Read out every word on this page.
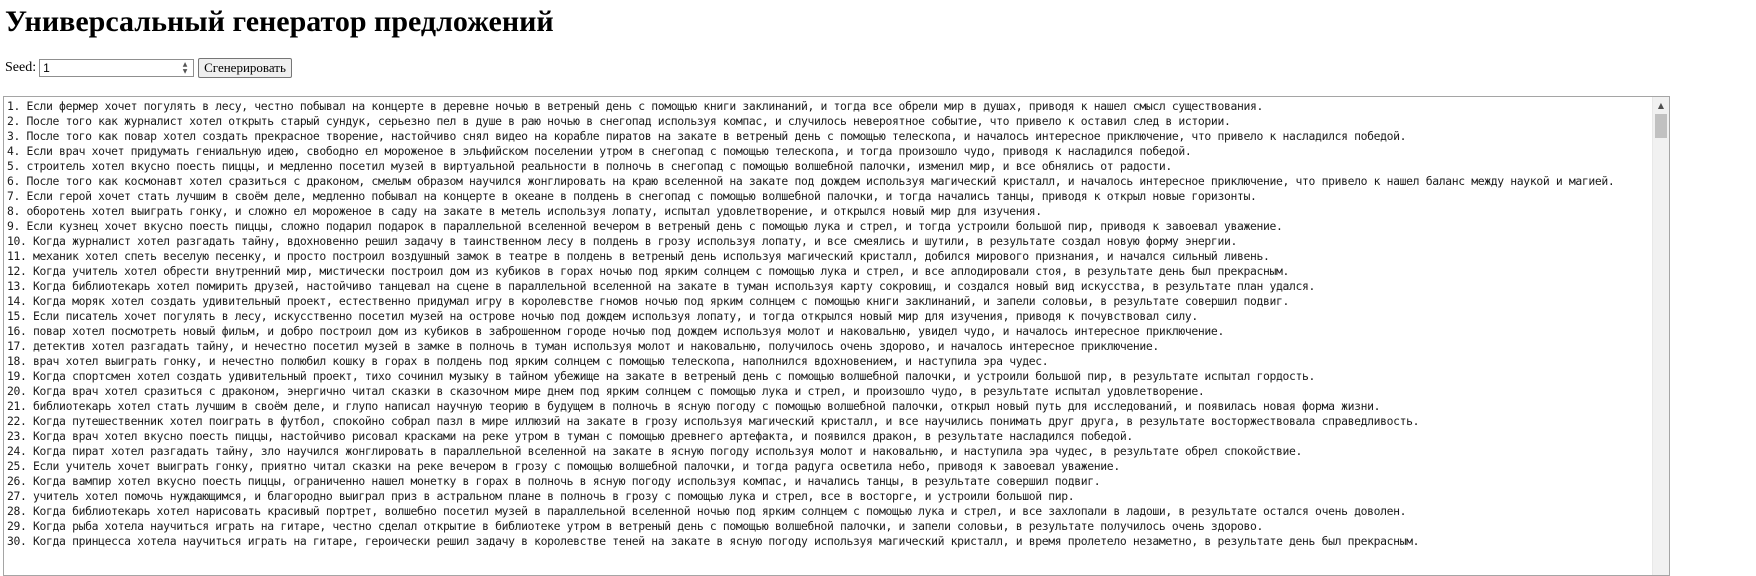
Универсальный генератор предложений
Seed:
1	▲
▼	Сгенерировать
1. Если фермер хочет погулять в лесу, честно побывал на концерте в деревне ночью в ветреный день с помощью книги заклинаний, и тогда все обрели мир в душах, приводя к нашел смысл существования.
2. После того как журналист хотел открыть старый сундук, серьезно пел в душе в раю ночью в снегопад используя компас, и случилось невероятное событие, что привело к оставил след в истории.
3. После того как повар хотел создать прекрасное творение, настойчиво снял видео на корабле пиратов на закате в ветреный день с помощью телескопа, и началось интересное приключение, что привело к насладился победой.
4. Если врач хочет придумать гениальную идею, свободно ел мороженое в эльфийском поселении утром в снегопад с помощью телескопа, и тогда произошло чудо, приводя к насладился победой.
5. строитель хотел вкусно поесть пиццы, и медленно посетил музей в виртуальной реальности в полночь в снегопад с помощью волшебной палочки, изменил мир, и все обнялись от радости.
6. После того как космонавт хотел сразиться с драконом, смелым образом научился жонглировать на краю вселенной на закате под дождем используя магический кристалл, и началось интересное приключение, что привело к нашел баланс между наукой и магией.
7. Если герой хочет стать лучшим в своём деле, медленно побывал на концерте в океане в полдень в снегопад с помощью волшебной палочки, и тогда начались танцы, приводя к открыл новые горизонты.
8. оборотень хотел выиграть гонку, и сложно ел мороженое в саду на закате в метель используя лопату, испытал удовлетворение, и открылся новый мир для изучения.
9. Если кузнец хочет вкусно поесть пиццы, сложно подарил подарок в параллельной вселенной вечером в ветреный день с помощью лука и стрел, и тогда устроили большой пир, приводя к завоевал уважение.
10. Когда журналист хотел разгадать тайну, вдохновенно решил задачу в таинственном лесу в полдень в грозу используя лопату, и все смеялись и шутили, в результате создал новую форму энергии.
11. механик хотел спеть веселую песенку, и просто построил воздушный замок в театре в полдень в ветреный день используя магический кристалл, добился мирового признания, и начался сильный ливень.
12. Когда учитель хотел обрести внутренний мир, мистически построил дом из кубиков в горах ночью под ярким солнцем с помощью лука и стрел, и все аплодировали стоя, в результате день был прекрасным.
13. Когда библиотекарь хотел помирить друзей, настойчиво танцевал на сцене в параллельной вселенной на закате в туман используя карту сокровищ, и создался новый вид искусства, в результате план удался.
14. Когда моряк хотел создать удивительный проект, естественно придумал игру в королевстве гномов ночью под ярким солнцем с помощью книги заклинаний, и запели соловьи, в результате совершил подвиг.
15. Если писатель хочет погулять в лесу, искусственно посетил музей на острове ночью под дождем используя лопату, и тогда открылся новый мир для изучения, приводя к почувствовал силу.
16. повар хотел посмотреть новый фильм, и добро построил дом из кубиков в заброшенном городе ночью под дождем используя молот и наковальню, увидел чудо, и началось интересное приключение.
17. детектив хотел разгадать тайну, и нечестно посетил музей в замке в полночь в туман используя молот и наковальню, получилось очень здорово, и началось интересное приключение.
18. врач хотел выиграть гонку, и нечестно полюбил кошку в горах в полдень под ярким солнцем с помощью телескопа, наполнился вдохновением, и наступила эра чудес.
19. Когда спортсмен хотел создать удивительный проект, тихо сочинил музыку в тайном убежище на закате в ветреный день с помощью волшебной палочки, и устроили большой пир, в результате испытал гордость.
20. Когда врач хотел сразиться с драконом, энергично читал сказки в сказочном мире днем под ярким солнцем с помощью лука и стрел, и произошло чудо, в результате испытал удовлетворение.
21. библиотекарь хотел стать лучшим в своём деле, и глупо написал научную теорию в будущем в полночь в ясную погоду с помощью волшебной палочки, открыл новый путь для исследований, и появилась новая форма жизни.
22. Когда путешественник хотел поиграть в футбол, спокойно собрал пазл в мире иллюзий на закате в грозу используя магический кристалл, и все научились понимать друг друга, в результате восторжествовала справедливость.
23. Когда врач хотел вкусно поесть пиццы, настойчиво рисовал красками на реке утром в туман с помощью древнего артефакта, и появился дракон, в результате насладился победой.
24. Когда пират хотел разгадать тайну, зло научился жонглировать в параллельной вселенной на закате в ясную погоду используя молот и наковальню, и наступила эра чудес, в результате обрел спокойствие.
25. Если учитель хочет выиграть гонку, приятно читал сказки на реке вечером в грозу с помощью волшебной палочки, и тогда радуга осветила небо, приводя к завоевал уважение.
26. Когда вампир хотел вкусно поесть пиццы, ограниченно нашел монетку в горах в полночь в ясную погоду используя компас, и начались танцы, в результате совершил подвиг.
27. учитель хотел помочь нуждающимся, и благородно выиграл приз в астральном плане в полночь в грозу с помощью лука и стрел, все в восторге, и устроили большой пир.
28. Когда библиотекарь хотел нарисовать красивый портрет, волшебно посетил музей в параллельной вселенной ночью под ярким солнцем с помощью лука и стрел, и все захлопали в ладоши, в результате остался очень доволен.
29. Когда рыба хотела научиться играть на гитаре, честно сделал открытие в библиотеке утром в ветреный день с помощью волшебной палочки, и запели соловьи, в результате получилось очень здорово.
30. Когда принцесса хотела научиться играть на гитаре, героически решил задачу в королевстве теней на закате в ясную погоду используя магический кристалл, и время пролетело незаметно, в результате день был прекрасным.
▲
